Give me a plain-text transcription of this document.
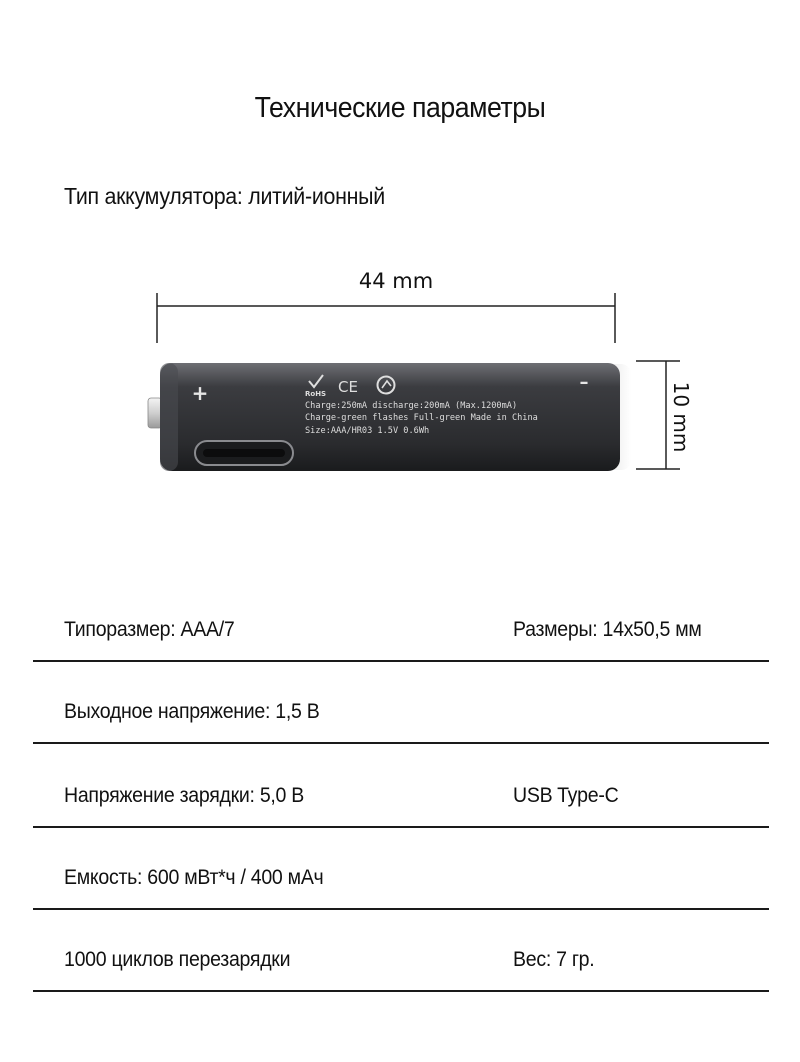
Технические параметры
Тип аккумулятора: литий-ионный
44 mm
10 mm
+	–
RoHS CE
Charge:250mA discharge:200mA (Max.1200mA)
Charge-green flashes Full-green Made in China
Size:AAA/HR03 1.5V 0.6Wh
Типоразмер: ААА/7	Размеры: 14х50,5 мм
Выходное напряжение: 1,5 В
Напряжение зарядки: 5,0 В	USB Type-C
Емкость: 600 мВт*ч / 400 мАч
1000 циклов перезарядки	Вес: 7 гр.
